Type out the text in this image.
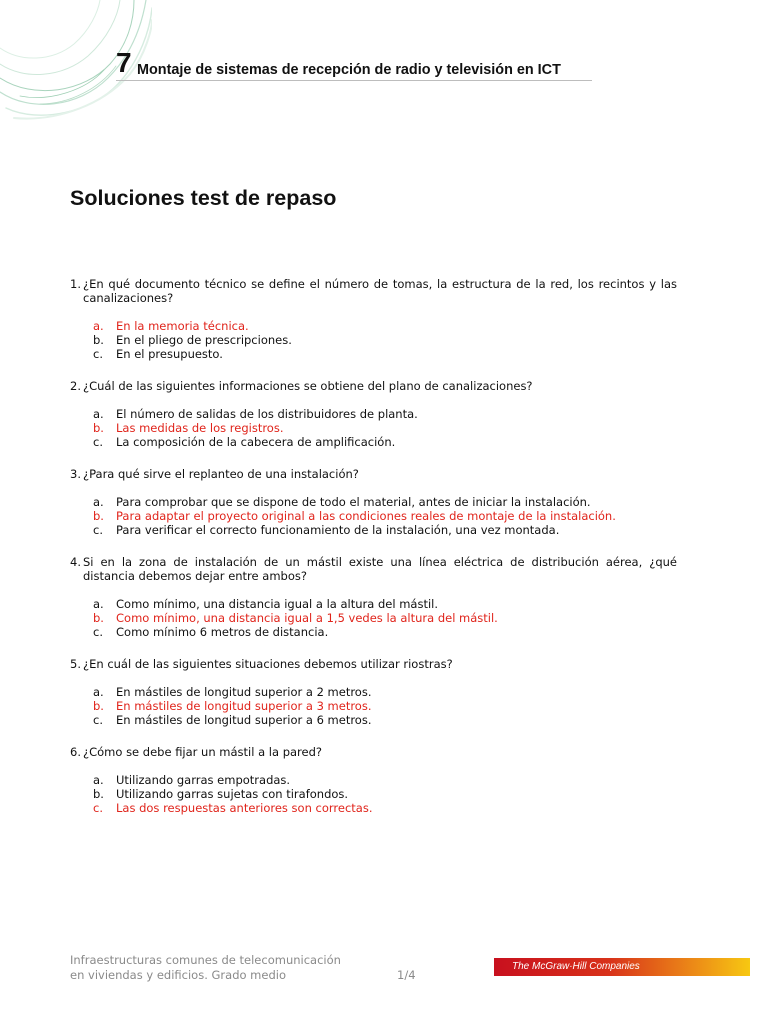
7 Montaje de sistemas de recepción de radio y televisión en ICT
Soluciones test de repaso
1. ¿En qué documento técnico se define el número de tomas, la estructura de la red, los recintos y las canalizaciones?
a. En la memoria técnica.
b. En el pliego de prescripciones.
c. En el presupuesto.
2. ¿Cuál de las siguientes informaciones se obtiene del plano de canalizaciones?
a. El número de salidas de los distribuidores de planta.
b. Las medidas de los registros.
c. La composición de la cabecera de amplificación.
3. ¿Para qué sirve el replanteo de una instalación?
a. Para comprobar que se dispone de todo el material, antes de iniciar la instalación.
b. Para adaptar el proyecto original a las condiciones reales de montaje de la instalación.
c. Para verificar el correcto funcionamiento de la instalación, una vez montada.
4. Si en la zona de instalación de un mástil existe una línea eléctrica de distribución aérea, ¿qué distancia debemos dejar entre ambos?
a. Como mínimo, una distancia igual a la altura del mástil.
b. Como mínimo, una distancia igual a 1,5 vedes la altura del mástil.
c. Como mínimo 6 metros de distancia.
5. ¿En cuál de las siguientes situaciones debemos utilizar riostras?
a. En mástiles de longitud superior a 2 metros.
b. En mástiles de longitud superior a 3 metros.
c. En mástiles de longitud superior a 6 metros.
6. ¿Cómo se debe fijar un mástil a la pared?
a. Utilizando garras empotradas.
b. Utilizando garras sujetas con tirafondos.
c. Las dos respuestas anteriores son correctas.
Infraestructuras comunes de telecomunicación
en viviendas y edificios. Grado medio	1/4
The McGraw·Hill Companies
